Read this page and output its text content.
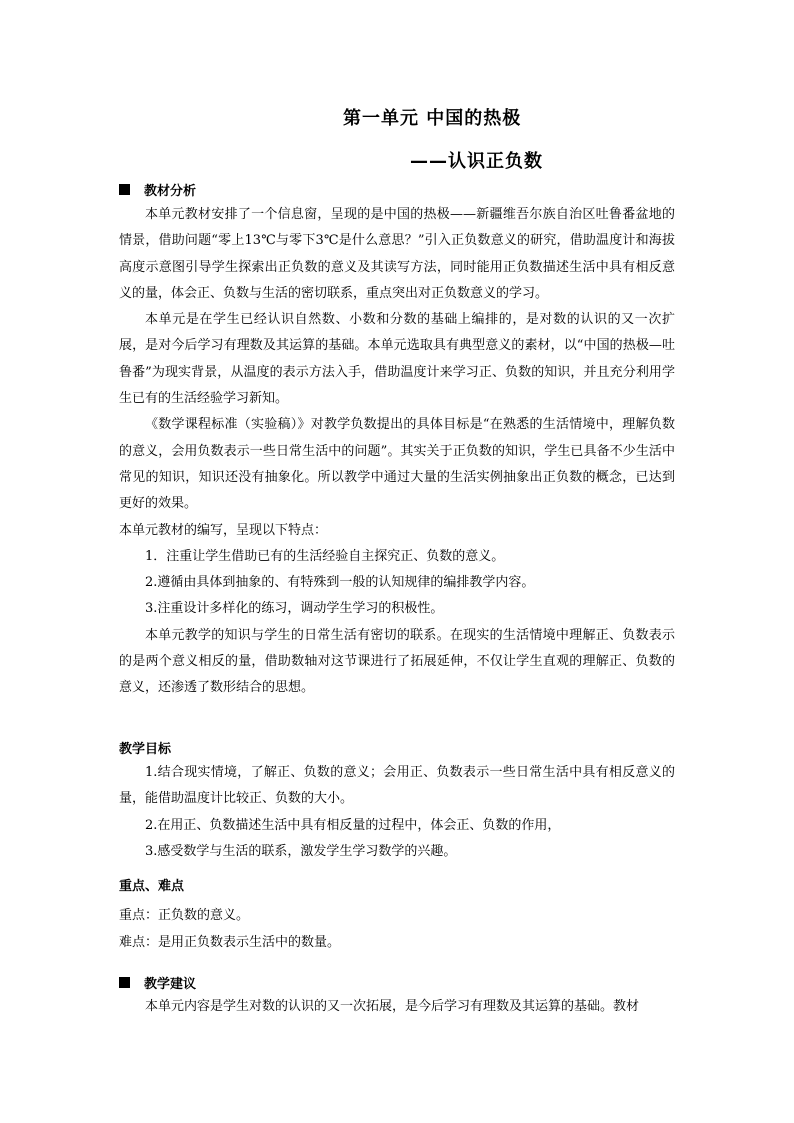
第一单元 中国的热极
——认识正负数
教材分析

本单元教材安排了一个信息窗，呈现的是中国的热极——新疆维吾尔族自治区吐鲁番盆地的情景，借助问题“零上13℃与零下3℃是什么意思？”引入正负数意义的研究，借助温度计和海拔高度示意图引导学生探索出正负数的意义及其读写方法，同时能用正负数描述生活中具有相反意义的量，体会正、负数与生活的密切联系，重点突出对正负数意义的学习。

本单元是在学生已经认识自然数、小数和分数的基础上编排的，是对数的认识的又一次扩展，是对今后学习有理数及其运算的基础。本单元选取具有典型意义的素材，以“中国的热极—吐鲁番”为现实背景，从温度的表示方法入手，借助温度计来学习正、负数的知识，并且充分利用学生已有的生活经验学习新知。

《数学课程标准（实验稿）》对教学负数提出的具体目标是“在熟悉的生活情境中，理解负数的意义，会用负数表示一些日常生活中的问题”。其实关于正负数的知识，学生已具备不少生活中常见的知识，知识还没有抽象化。所以教学中通过大量的生活实例抽象出正负数的概念，已达到更好的效果。

本单元教材的编写，呈现以下特点：

1．注重让学生借助已有的生活经验自主探究正、负数的意义。

2.遵循由具体到抽象的、有特殊到一般的认知规律的编排教学内容。

3.注重设计多样化的练习，调动学生学习的积极性。

本单元教学的知识与学生的日常生活有密切的联系。在现实的生活情境中理解正、负数表示的是两个意义相反的量，借助数轴对这节课进行了拓展延伸，不仅让学生直观的理解正、负数的意义，还渗透了数形结合的思想。

教学目标

1.结合现实情境，了解正、负数的意义；会用正、负数表示一些日常生活中具有相反意义的量，能借助温度计比较正、负数的大小。

2.在用正、负数描述生活中具有相反量的过程中，体会正、负数的作用，

3.感受数学与生活的联系，激发学生学习数学的兴趣。

重点、难点
重点：正负数的意义。
难点：是用正负数表示生活中的数量。
教学建议

本单元内容是学生对数的认识的又一次拓展，是今后学习有理数及其运算的基础。教材
